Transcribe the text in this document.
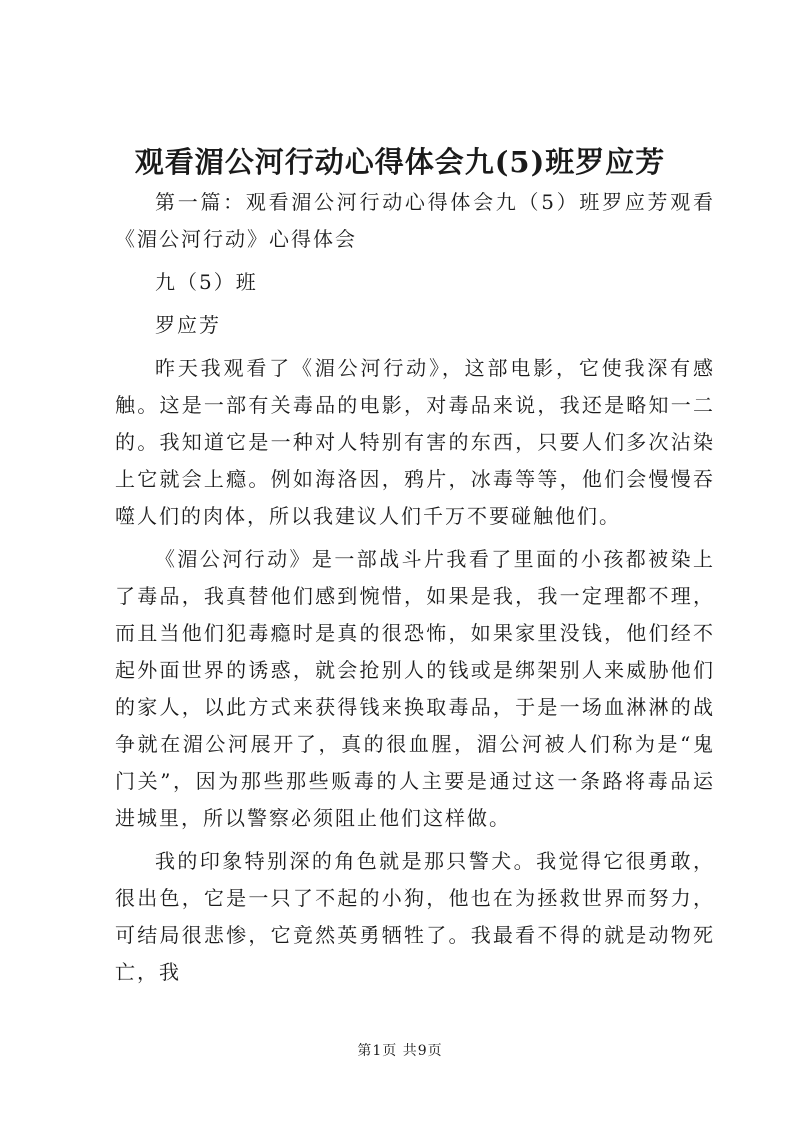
观看湄公河行动心得体会九(5)班罗应芳

第一篇：观看湄公河行动心得体会九（5）班罗应芳观看《湄公河行动》心得体会

九（5）班

罗应芳

昨天我观看了《湄公河行动》，这部电影，它使我深有感触。这是一部有关毒品的电影，对毒品来说，我还是略知一二的。我知道它是一种对人特别有害的东西，只要人们多次沾染上它就会上瘾。例如海洛因，鸦片，冰毒等等，他们会慢慢吞噬人们的肉体，所以我建议人们千万不要碰触他们。

《湄公河行动》是一部战斗片我看了里面的小孩都被染上了毒品，我真替他们感到惋惜，如果是我，我一定理都不理，而且当他们犯毒瘾时是真的很恐怖，如果家里没钱，他们经不起外面世界的诱惑，就会抢别人的钱或是绑架别人来威胁他们的家人，以此方式来获得钱来换取毒品，于是一场血淋淋的战争就在湄公河展开了，真的很血腥，湄公河被人们称为是“鬼门关”，因为那些那些贩毒的人主要是通过这一条路将毒品运进城里，所以警察必须阻止他们这样做。

我的印象特别深的角色就是那只警犬。我觉得它很勇敢，很出色，它是一只了不起的小狗，他也在为拯救世界而努力，可结局很悲惨，它竟然英勇牺牲了。我最看不得的就是动物死亡，我

第1页 共9页
